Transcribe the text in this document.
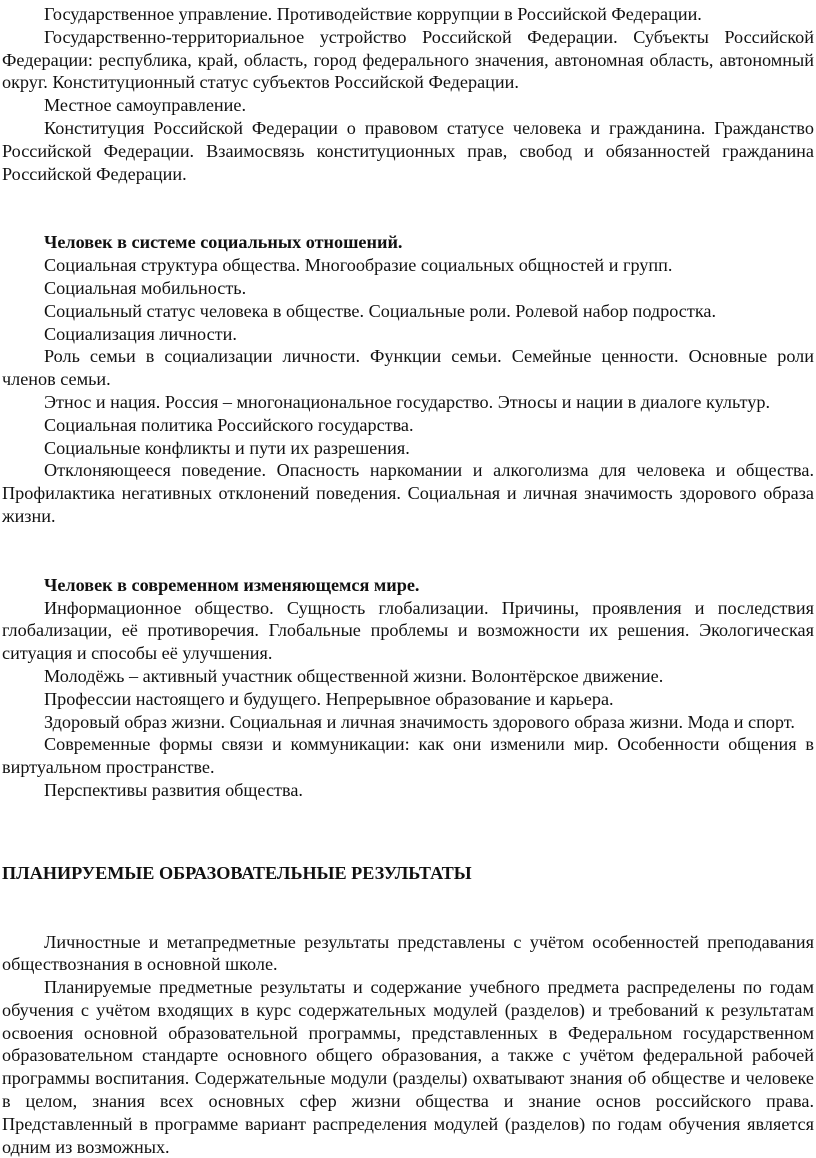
Государственное управление. Противодействие коррупции в Российской Федерации.

Государственно-территориальное устройство Российской Федерации. Субъекты Российской Федерации: республика, край, область, город федерального значения, автономная область, автономный округ. Конституционный статус субъектов Российской Федерации.

Местное самоуправление.

Конституция Российской Федерации о правовом статусе человека и гражданина. Гражданство Российской Федерации. Взаимосвязь конституционных прав, свобод и обязанностей гражданина Российской Федерации.

Человек в системе социальных отношений.

Социальная структура общества. Многообразие социальных общностей и групп.

Социальная мобильность.

Социальный статус человека в обществе. Социальные роли. Ролевой набор подростка.

Социализация личности.

Роль семьи в социализации личности. Функции семьи. Семейные ценности. Основные роли членов семьи.

Этнос и нация. Россия – многонациональное государство. Этносы и нации в диалоге культур.

Социальная политика Российского государства.

Социальные конфликты и пути их разрешения.

Отклоняющееся поведение. Опасность наркомании и алкоголизма для человека и общества. Профилактика негативных отклонений поведения. Социальная и личная значимость здорового образа жизни.

Человек в современном изменяющемся мире.

Информационное общество. Сущность глобализации. Причины, проявления и последствия глобализации, её противоречия. Глобальные проблемы и возможности их решения. Экологическая ситуация и способы её улучшения.

Молодёжь – активный участник общественной жизни. Волонтёрское движение.

Профессии настоящего и будущего. Непрерывное образование и карьера.

Здоровый образ жизни. Социальная и личная значимость здорового образа жизни. Мода и спорт.

Современные формы связи и коммуникации: как они изменили мир. Особенности общения в виртуальном пространстве.

Перспективы развития общества.

ПЛАНИРУЕМЫЕ ОБРАЗОВАТЕЛЬНЫЕ РЕЗУЛЬТАТЫ

Личностные и метапредметные результаты представлены с учётом особенностей преподавания обществознания в основной школе.

Планируемые предметные результаты и содержание учебного предмета распределены по годам обучения с учётом входящих в курс содержательных модулей (разделов) и требований к результатам освоения основной образовательной программы, представленных в Федеральном государственном образовательном стандарте основного общего образования, а также с учётом федеральной рабочей программы воспитания. Содержательные модули (разделы) охватывают знания об обществе и человеке в целом, знания всех основных сфер жизни общества и знание основ российского права. Представленный в программе вариант распределения модулей (разделов) по годам обучения является одним из возможных.
